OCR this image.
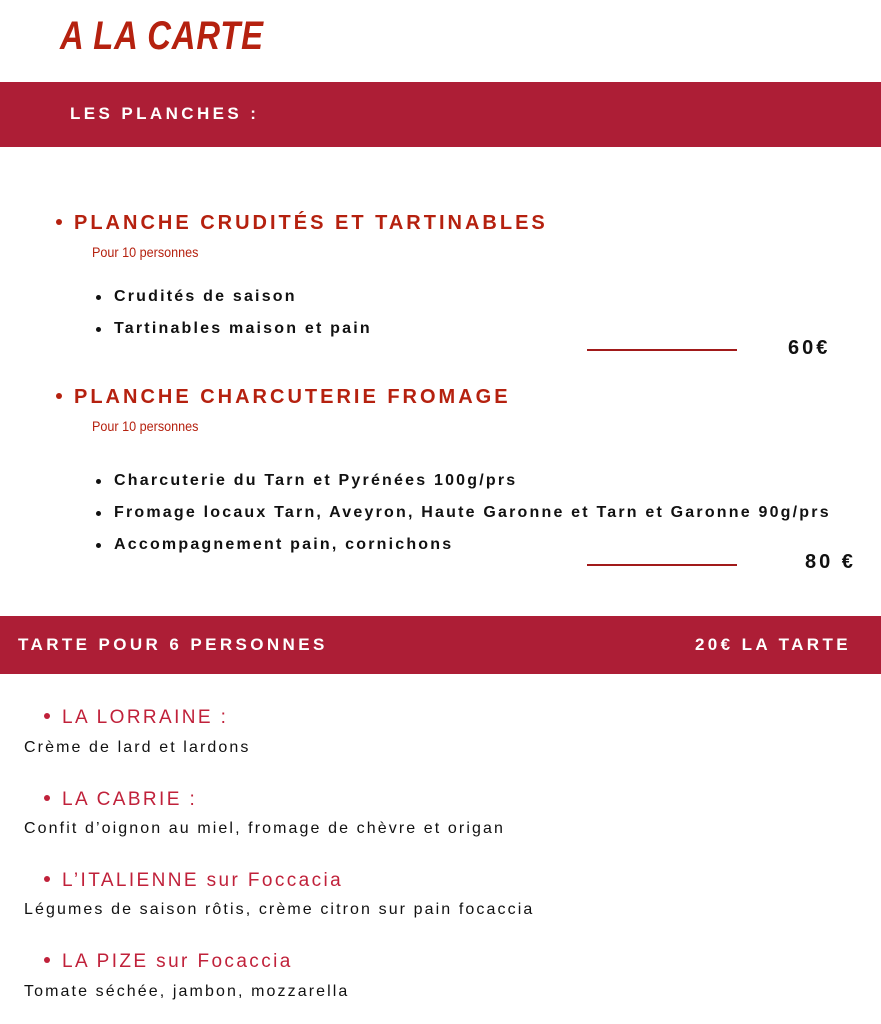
A LA CARTE
LES PLANCHES :
PLANCHE CRUDITÉS ET TARTINABLES
Pour 10 personnes
Crudités de saison
Tartinables maison et pain
60€
PLANCHE CHARCUTERIE FROMAGE
Pour 10 personnes
Charcuterie du Tarn et Pyrénées 100g/prs
Fromage locaux Tarn, Aveyron, Haute Garonne et Tarn et Garonne 90g/prs
Accompagnement pain, cornichons
80 €
TARTE POUR 6 PERSONNES	20€ LA TARTE
LA LORRAINE :
Crème de lard et lardons
LA CABRIE :
Confit d’oignon au miel, fromage de chèvre et origan
L’ITALIENNE sur Foccacia
Légumes de saison rôtis, crème citron sur pain focaccia
LA PIZE sur Focaccia
Tomate séchée, jambon, mozzarella
